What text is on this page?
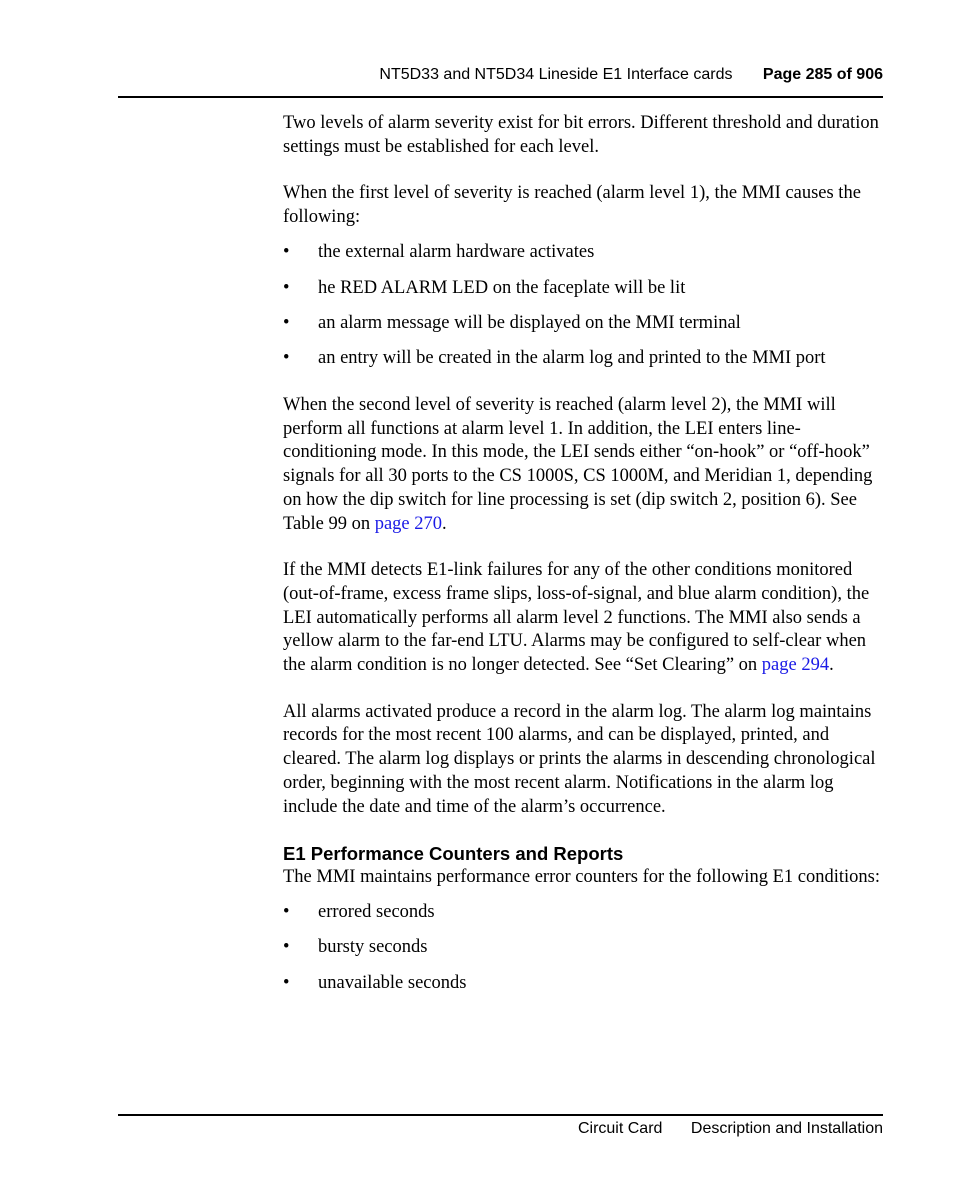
NT5D33 and NT5D34 Lineside E1 Interface cards Page 285 of 906

Two levels of alarm severity exist for bit errors. Different threshold and duration settings must be established for each level.

When the first level of severity is reached (alarm level 1), the MMI causes the following:

• the external alarm hardware activates
• he RED ALARM LED on the faceplate will be lit
• an alarm message will be displayed on the MMI terminal
• an entry will be created in the alarm log and printed to the MMI port

When the second level of severity is reached (alarm level 2), the MMI will perform all functions at alarm level 1. In addition, the LEI enters line-conditioning mode. In this mode, the LEI sends either “on-hook” or “off-hook” signals for all 30 ports to the CS 1000S, CS 1000M, and Meridian 1, depending on how the dip switch for line processing is set (dip switch 2, position 6). See Table 99 on page 270.

If the MMI detects E1-link failures for any of the other conditions monitored (out-of-frame, excess frame slips, loss-of-signal, and blue alarm condition), the LEI automatically performs all alarm level 2 functions. The MMI also sends a yellow alarm to the far-end LTU. Alarms may be configured to self-clear when the alarm condition is no longer detected. See “Set Clearing” on page 294.

All alarms activated produce a record in the alarm log. The alarm log maintains records for the most recent 100 alarms, and can be displayed, printed, and cleared. The alarm log displays or prints the alarms in descending chronological order, beginning with the most recent alarm. Notifications in the alarm log include the date and time of the alarm’s occurrence.

E1 Performance Counters and Reports

The MMI maintains performance error counters for the following E1 conditions:

• errored seconds
• bursty seconds
• unavailable seconds
Circuit Card Description and Installation
